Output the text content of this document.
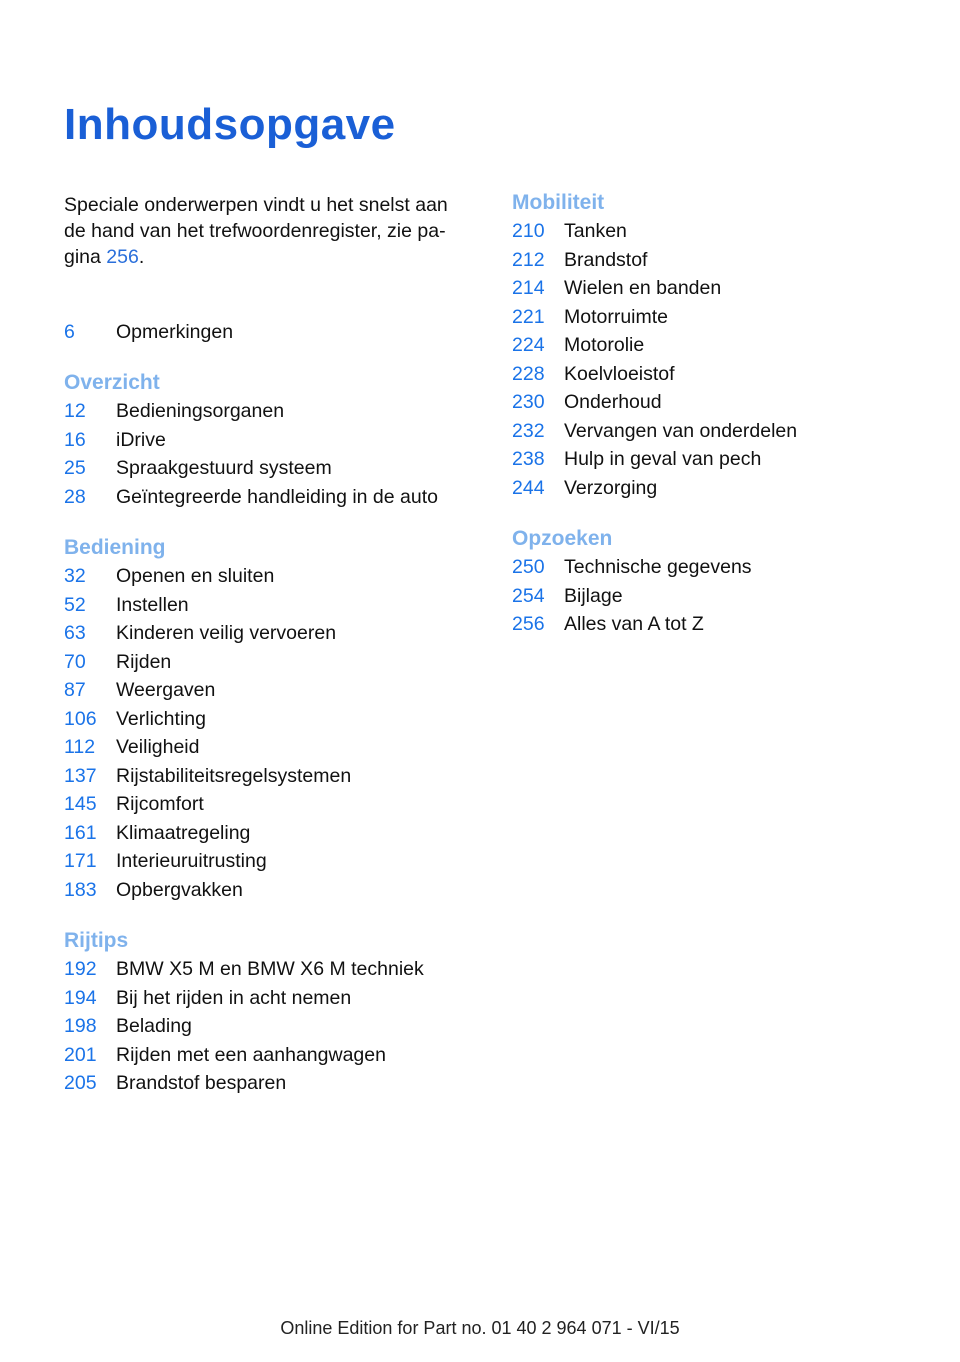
Inhoudsopgave

Speciale onderwerpen vindt u het snelst aan de hand van het trefwoordenregister, zie pa‐ gina 256.

6 Opmerkingen
Overzicht
12 Bedieningsorganen
16 iDrive
25 Spraakgestuurd systeem
28 Geïntegreerde handleiding in de auto
Bediening
32 Openen en sluiten
52 Instellen
63 Kinderen veilig vervoeren
70 Rijden
87 Weergaven
106 Verlichting
112 Veiligheid
137 Rijstabiliteitsregelsystemen
145 Rijcomfort
161 Klimaatregeling
171 Interieuruitrusting
183 Opbergvakken
Rijtips
192 BMW X5 M en BMW X6 M techniek
194 Bij het rijden in acht nemen
198 Belading
201 Rijden met een aanhangwagen
205 Brandstof besparen
Mobiliteit
210 Tanken
212 Brandstof
214 Wielen en banden
221 Motorruimte
224 Motorolie
228 Koelvloeistof
230 Onderhoud
232 Vervangen van onderdelen
238 Hulp in geval van pech
244 Verzorging
Opzoeken
250 Technische gegevens
254 Bijlage
256 Alles van A tot Z
Online Edition for Part no. 01 40 2 964 071 - VI/15
